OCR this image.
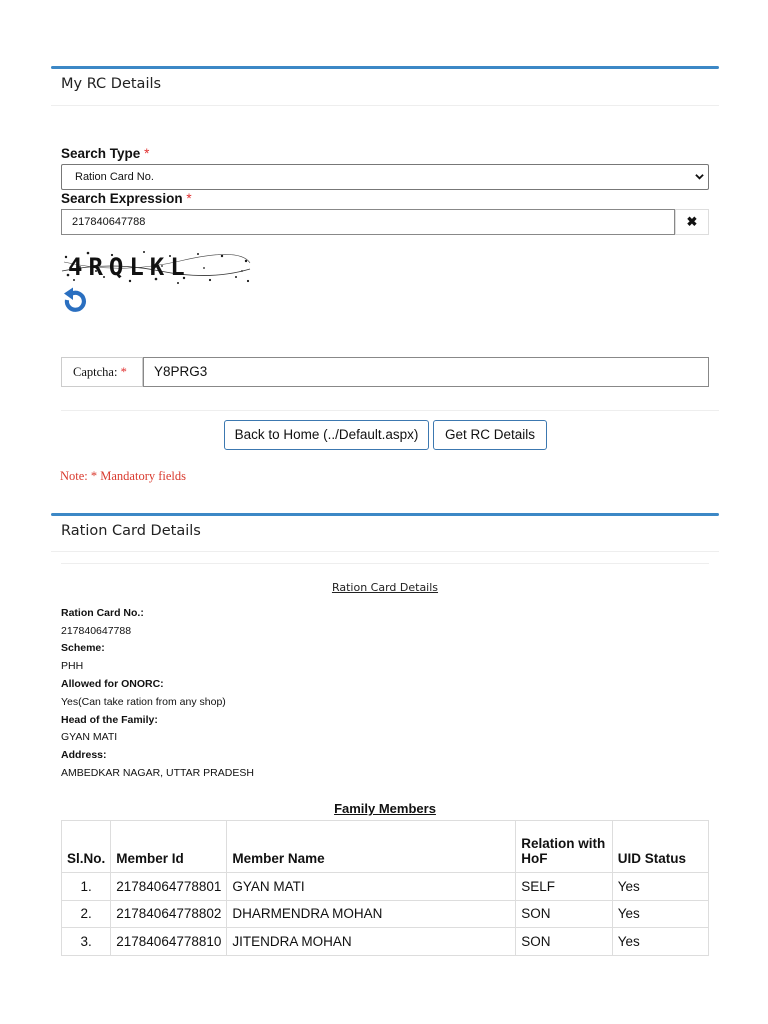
My RC Details
Search Type *
Ration Card No.
Search Expression *
217840647788	✖
4RQLKL
Captcha: *	Y8PRG3
Back to Home (../Default.aspx)	Get RC Details
Note: * Mandatory fields
Ration Card Details
Ration Card Details
Ration Card No.:
217840647788
Scheme:
PHH
Allowed for ONORC:
Yes(Can take ration from any shop)
Head of the Family:
GYAN MATI
Address:
AMBEDKAR NAGAR, UTTAR PRADESH
Family Members
Sl.No.	Member Id	Member Name	Relation with HoF	UID Status
1.	21784064778801	GYAN MATI	SELF	Yes
2.	21784064778802	DHARMENDRA MOHAN	SON	Yes
3.	21784064778810	JITENDRA MOHAN	SON	Yes
